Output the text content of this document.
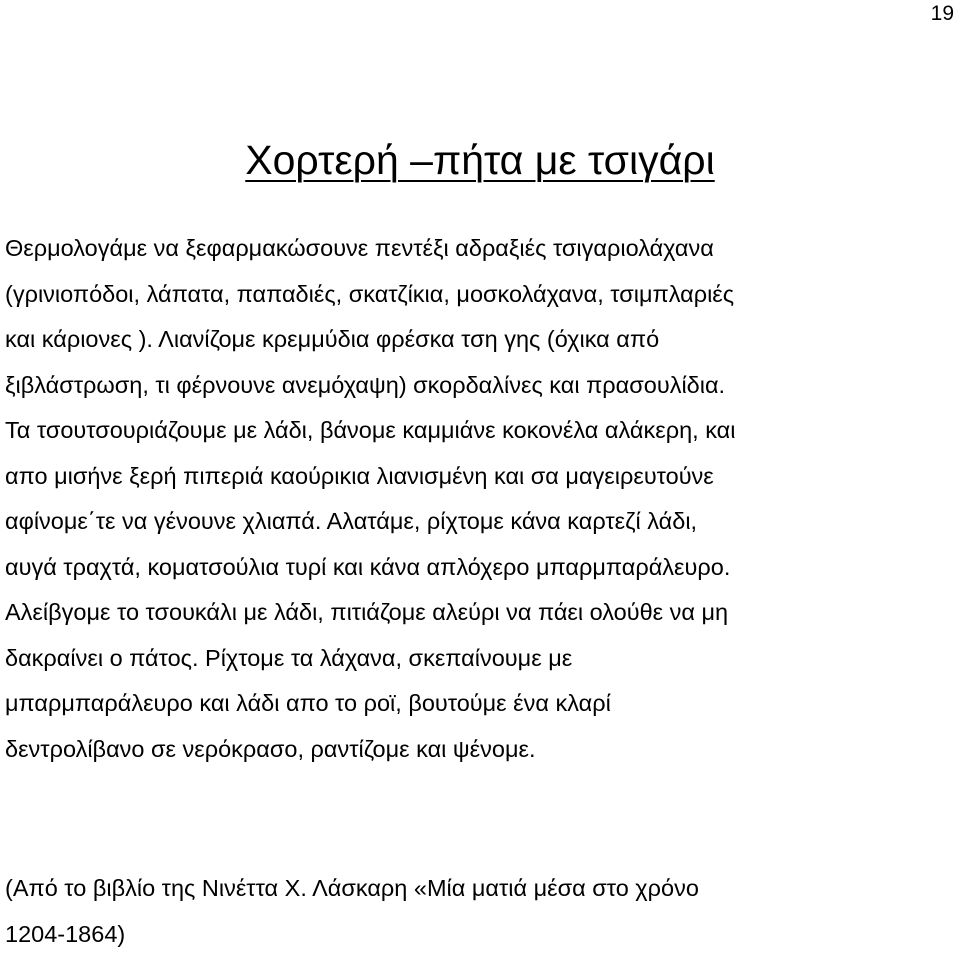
19
Χορτερή –πήτα με τσιγάρι
Θερμολογάμε να ξεφαρμακώσουνε πεντέξι αδραξιές τσιγαριολάχανα
(γρινιοπόδοι, λάπατα, παπαδιές, σκατζίκια, μοσκολάχανα, τσιμπλαριές
και κάριονες ). Λιανίζομε κρεμμύδια φρέσκα τση γης (όχικα από
ξιβλάστρωση, τι φέρνουνε ανεμόχαψη) σκορδαλίνες και πρασουλίδια.
Τα τσουτσουριάζουμε με λάδι, βάνομε καμμιάνε κοκονέλα αλάκερη, και
απο μισήνε ξερή πιπεριά καούρικια λιανισμένη και σα μαγειρευτούνε
αφίνομε΄τε να γένουνε χλιαπά. Αλατάμε, ρίχτομε κάνα καρτεζί λάδι,
αυγά τραχτά, κοματσούλια τυρί και κάνα απλόχερο μπαρμπαράλευρο.
Αλείβγομε το τσουκάλι με λάδι, πιτιάζομε αλεύρι να πάει ολούθε να μη
δακραίνει ο πάτος. Ρίχτομε τα λάχανα, σκεπαίνουμε με
μπαρμπαράλευρο και λάδι απο το ροϊ, βουτούμε ένα κλαρί
δεντρολίβανο σε νερόκρασο, ραντίζομε και ψένομε.
(Από το βιβλίο της Νινέττα Χ. Λάσκαρη «Μία ματιά μέσα στο χρόνο
1204-1864)
